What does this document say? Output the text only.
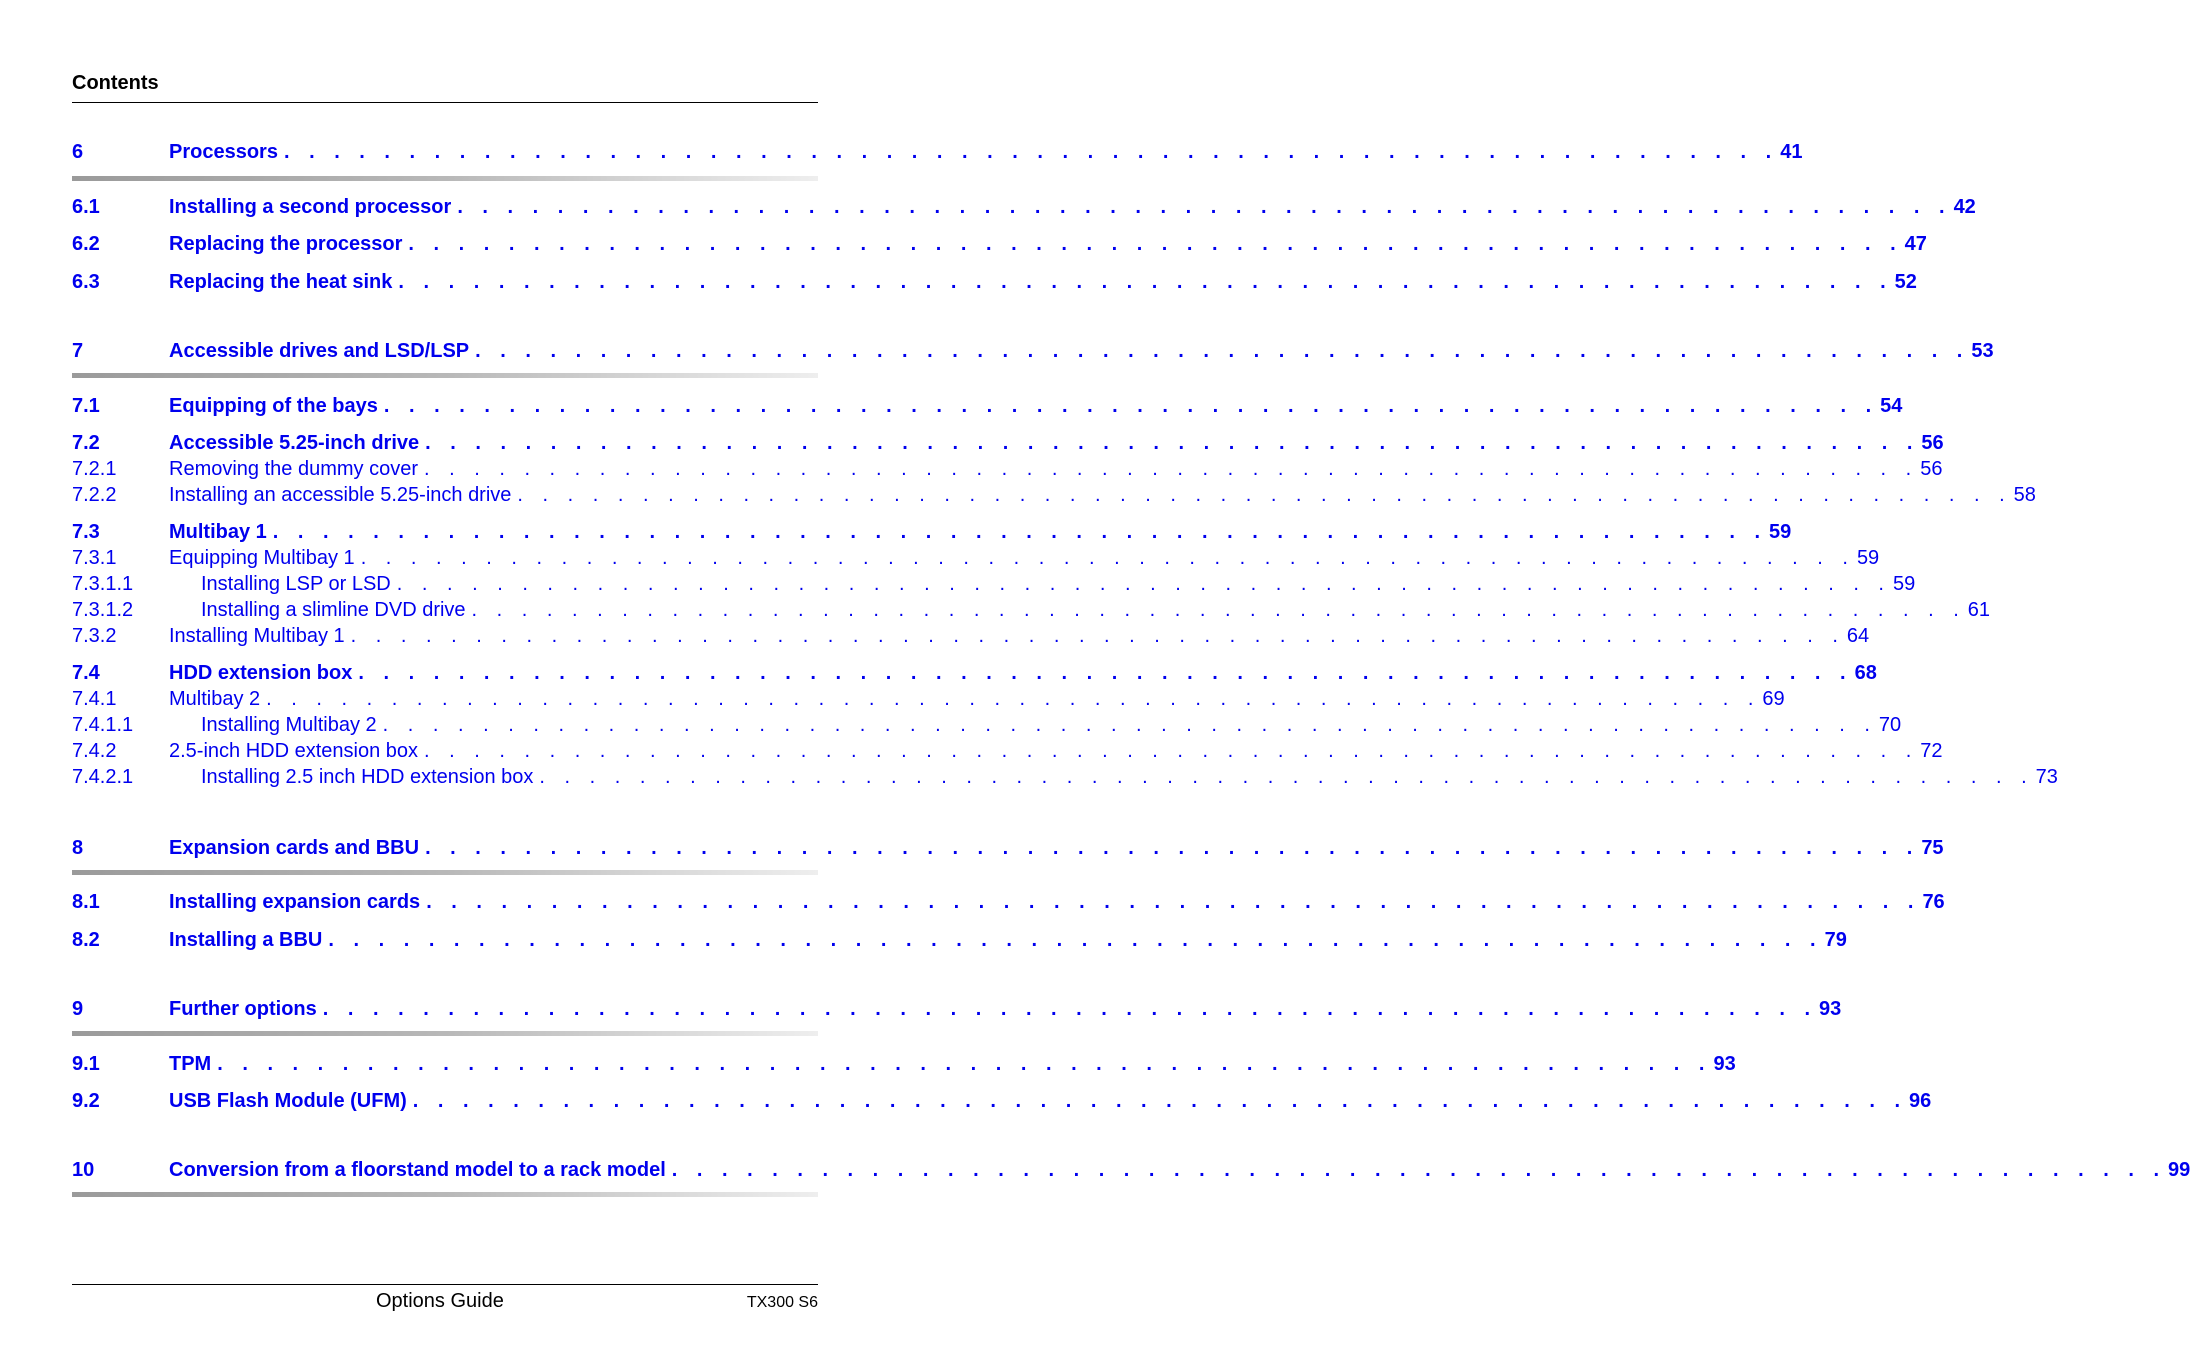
Contents
6	Processors . . . . . . . . . . . . . . . . . . . . . . . . . . . . . . . . . . . . . . . . . . . . . . . . . . . . . . . . . . . . 41
6.1	Installing a second processor . . . . . . . . . . . . . . . . . . . . . . . . . . . . . . . . . . . . . . . . . . . . . . . . . . . . . . . . . . . . 42
6.2	Replacing the processor . . . . . . . . . . . . . . . . . . . . . . . . . . . . . . . . . . . . . . . . . . . . . . . . . . . . . . . . . . . . 47
6.3	Replacing the heat sink . . . . . . . . . . . . . . . . . . . . . . . . . . . . . . . . . . . . . . . . . . . . . . . . . . . . . . . . . . . . 52
7	Accessible drives and LSD/LSP . . . . . . . . . . . . . . . . . . . . . . . . . . . . . . . . . . . . . . . . . . . . . . . . . . . . . . . . . . . . 53
7.1	Equipping of the bays . . . . . . . . . . . . . . . . . . . . . . . . . . . . . . . . . . . . . . . . . . . . . . . . . . . . . . . . . . . . 54
7.2	Accessible 5.25-inch drive . . . . . . . . . . . . . . . . . . . . . . . . . . . . . . . . . . . . . . . . . . . . . . . . . . . . . . . . . . . . 56
7.2.1	Removing the dummy cover . . . . . . . . . . . . . . . . . . . . . . . . . . . . . . . . . . . . . . . . . . . . . . . . . . . . . . . . . . . . 56
7.2.2	Installing an accessible 5.25-inch drive . . . . . . . . . . . . . . . . . . . . . . . . . . . . . . . . . . . . . . . . . . . . . . . . . . . . . . . . . . . . 58
7.3	Multibay 1 . . . . . . . . . . . . . . . . . . . . . . . . . . . . . . . . . . . . . . . . . . . . . . . . . . . . . . . . . . . . 59
7.3.1	Equipping Multibay 1 . . . . . . . . . . . . . . . . . . . . . . . . . . . . . . . . . . . . . . . . . . . . . . . . . . . . . . . . . . . . 59
7.3.1.1	Installing LSP or LSD . . . . . . . . . . . . . . . . . . . . . . . . . . . . . . . . . . . . . . . . . . . . . . . . . . . . . . . . . . . . 59
7.3.1.2	Installing a slimline DVD drive . . . . . . . . . . . . . . . . . . . . . . . . . . . . . . . . . . . . . . . . . . . . . . . . . . . . . . . . . . . . 61
7.3.2	Installing Multibay 1 . . . . . . . . . . . . . . . . . . . . . . . . . . . . . . . . . . . . . . . . . . . . . . . . . . . . . . . . . . . . 64
7.4	HDD extension box . . . . . . . . . . . . . . . . . . . . . . . . . . . . . . . . . . . . . . . . . . . . . . . . . . . . . . . . . . . . 68
7.4.1	Multibay 2 . . . . . . . . . . . . . . . . . . . . . . . . . . . . . . . . . . . . . . . . . . . . . . . . . . . . . . . . . . . . 69
7.4.1.1	Installing Multibay 2 . . . . . . . . . . . . . . . . . . . . . . . . . . . . . . . . . . . . . . . . . . . . . . . . . . . . . . . . . . . . 70
7.4.2	2.5-inch HDD extension box . . . . . . . . . . . . . . . . . . . . . . . . . . . . . . . . . . . . . . . . . . . . . . . . . . . . . . . . . . . . 72
7.4.2.1	Installing 2.5 inch HDD extension box . . . . . . . . . . . . . . . . . . . . . . . . . . . . . . . . . . . . . . . . . . . . . . . . . . . . . . . . . . . . 73
8	Expansion cards and BBU . . . . . . . . . . . . . . . . . . . . . . . . . . . . . . . . . . . . . . . . . . . . . . . . . . . . . . . . . . . . 75
8.1	Installing expansion cards . . . . . . . . . . . . . . . . . . . . . . . . . . . . . . . . . . . . . . . . . . . . . . . . . . . . . . . . . . . . 76
8.2	Installing a BBU . . . . . . . . . . . . . . . . . . . . . . . . . . . . . . . . . . . . . . . . . . . . . . . . . . . . . . . . . . . . 79
9	Further options . . . . . . . . . . . . . . . . . . . . . . . . . . . . . . . . . . . . . . . . . . . . . . . . . . . . . . . . . . . . 93
9.1	TPM . . . . . . . . . . . . . . . . . . . . . . . . . . . . . . . . . . . . . . . . . . . . . . . . . . . . . . . . . . . . 93
9.2	USB Flash Module (UFM) . . . . . . . . . . . . . . . . . . . . . . . . . . . . . . . . . . . . . . . . . . . . . . . . . . . . . . . . . . . . 96
10	Conversion from a floorstand model to a rack model . . . . . . . . . . . . . . . . . . . . . . . . . . . . . . . . . . . . . . . . . . . . . . . . . . . . . . . . . . . . 99
Options Guide	TX300 S6
